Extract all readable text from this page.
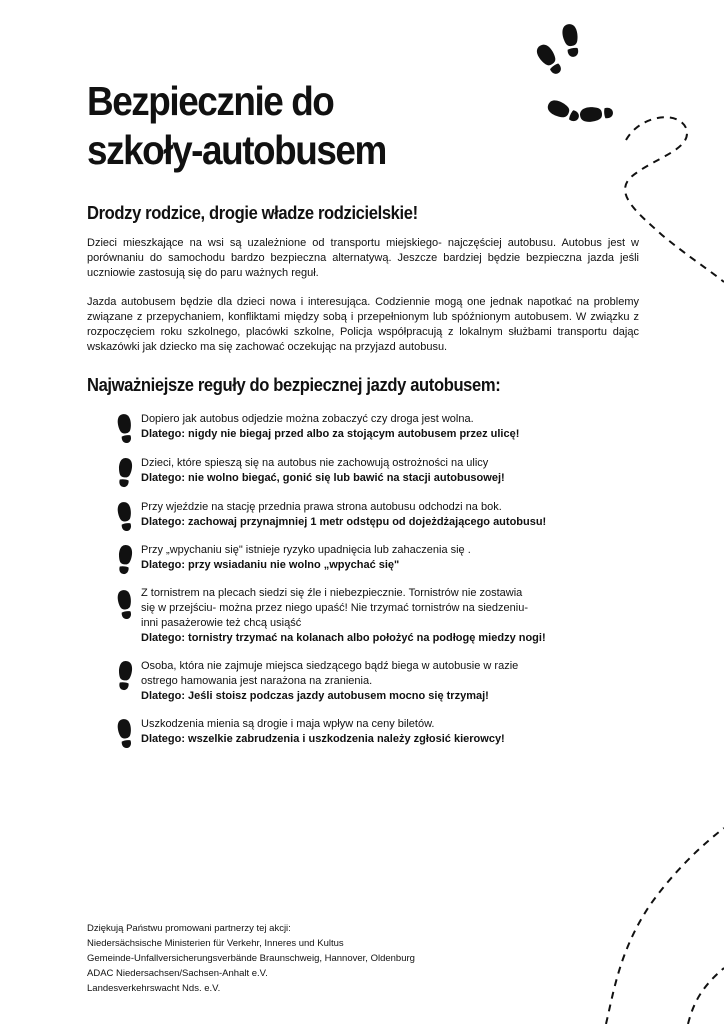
Bezpiecznie do
szkoły-autobusem
Drodzy rodzice, drogie władze rodzicielskie!

Dzieci mieszkające na wsi są uzależnione od transportu miejskiego- najczęściej autobusu. Autobus jest w porównaniu do samochodu bardzo bezpieczna alternatywą. Jeszcze bardziej będzie bezpieczna jazda jeśli uczniowie zastosują się do paru ważnych reguł.

Jazda autobusem będzie dla dzieci nowa i interesująca. Codziennie mogą one jednak napotkać na problemy związane z przepychaniem, konfliktami między sobą i przepełnionym lub spóźnionym autobusem. W związku z rozpoczęciem roku szkolnego, placówki szkolne, Policja współpracują z lokalnym służbami transportu dając wskazówki jak dziecko ma się zachować oczekując na przyjazd autobusu.

Najważniejsze reguły do bezpiecznej jazdy autobusem:

Dopiero jak autobus odjedzie można zobaczyć czy droga jest wolna.
Dlatego: nigdy nie biegaj przed albo za stojącym autobusem przez ulicę!

Dzieci, które spieszą się na autobus nie zachowują ostrożności na ulicy
Dlatego: nie wolno biegać, gonić się lub bawić na stacji autobusowej!

Przy wjeździe na stację przednia prawa strona autobusu odchodzi na bok.
Dlatego: zachowaj przynajmniej 1 metr odstępu od dojeżdżającego autobusu!

Przy „wpychaniu się" istnieje ryzyko upadnięcia lub zahaczenia się .
Dlatego: przy wsiadaniu nie wolno „wpychać się"

Z tornistrem na plecach siedzi się źle i niebezpiecznie. Tornistrów nie zostawia
się w przejściu- można przez niego upaść! Nie trzymać tornistrów na siedzeniu-
inni pasażerowie też chcą usiąść
Dlatego: tornistry trzymać na kolanach albo położyć na podłogę miedzy nogi!

Osoba, która nie zajmuje miejsca siedzącego bądź biega w autobusie w razie
ostrego hamowania jest narażona na zranienia.
Dlatego: Jeśli stoisz podczas jazdy autobusem mocno się trzymaj!

Uszkodzenia mienia są drogie i maja wpływ na ceny biletów.
Dlatego: wszelkie zabrudzenia i uszkodzenia należy zgłosić kierowcy!

Dziękują Państwu promowani partnerzy tej akcji:
Niedersächsische Ministerien für Verkehr, Inneres und Kultus
Gemeinde-Unfallversicherungsverbände Braunschweig, Hannover, Oldenburg
ADAC Niedersachsen/Sachsen-Anhalt e.V.
Landesverkehrswacht Nds. e.V.
